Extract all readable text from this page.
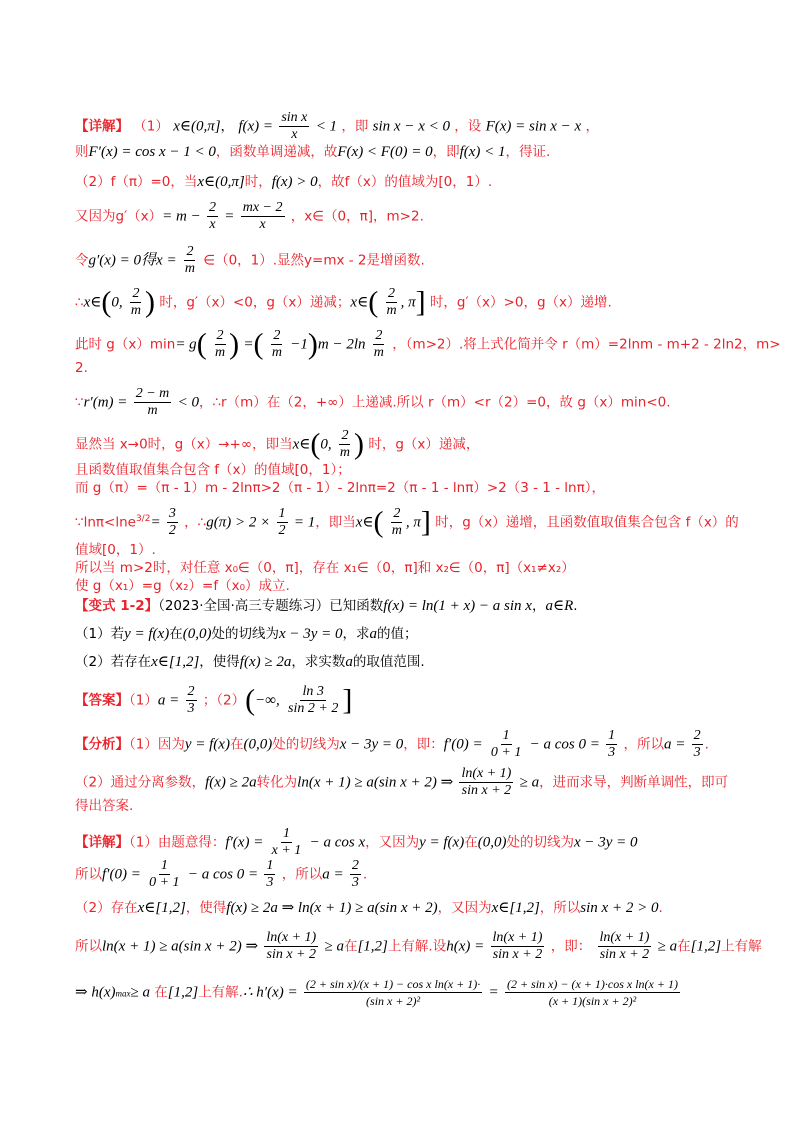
【详解】 （1） x∈(0,π]， $f(x) = \frac{\text{sin x}}{x} < 1$ ，即 sin x − x < 0 ，设 F(x) = sin x − x ，
则F′(x) = cos x − 1 < 0，函数单调递减，故F(x) < F(0) = 0，即f(x) < 1，得证.
（2）f（π）=0，当x∈(0,π]时，f(x) > 0，故f（x）的值域为[0，1）.
又因为$g'(x)= m - \frac{2}{x} = \frac{mx - 2}{x}$ ，x∈（0，π]，m>2.
令g′(x) = 0得$x = \frac{2}{m}$ ∈（0，1）.显然y=mx - 2是增函数.
∴x∈(0, $\frac{2}{m}$ ) 时，g′（x）<0，g（x）递减；x∈( $\frac{2}{m}$ , π] 时，g′（x）>0，g（x）递增.
此时 $g(x)\min= g( \frac{2}{m}$ ) =( $\frac{2}{m} -1)m - 2\ln \frac{2}{m}$ ，（m>2）.将上式化简并令 r（m）=2lnm - m+2 - 2ln2，m>
2.
∵r′(m) = $\frac{2 - m}{m} < 0$，∴r（m）在（2，+∞）上递减.所以 r（m）<r（2）=0，故 g（x）min<0.
显然当 x→0时，g（x）→+∞，即当x∈(0, $\frac{2}{m}$ ) 时，g（x）递减，
且函数值取值集合包含 f（x）的值域[0，1）；
而 g（π）=（π - 1）m - 2lnπ>2（π - 1）- 2lnπ=2（π - 1 - lnπ）>2（3 - 1 - lnπ），
∵lnπ<lne$^{3/2}$= $\frac{3}{2}$ ，∴g(π) > $2 \times \frac{1}{2} = 1$，即当x∈( $\frac{2}{m}$ , π] 时，g（x）递增，且函数值取值集合包含 f（x）的
值域[0，1）.
所以当 m>2时，对任意 x₀∈（0，π]，存在 x₁∈（0，π]和 x₂∈（0，π]（x₁≠x₂）
使 g（x₁）=g（x₂）=f（x₀）成立.
【变式 1-2】（2023·全国·高三专题练习）已知函数f(x) = ln(1 + x) − a sin x，a∈R.
（1）若y = f(x)在(0,0)处的切线为x − 3y = 0，求a的值；
（2）若存在x∈[1,2]，使得f(x) ≥ 2a，求实数a的取值范围.
【答案】$(1)a = \frac{2}{3}$ ；（2）(−∞, $\frac{\ln 3}{\sin 2 + 2}$ ]
【分析】（1）因为y = f(x)在(0,0)处的切线为x − 3y = 0，即：$f'(0) = \frac{1}{0 + 1} - a$ $\cos 0 = \frac{1}{3}$ ，所以$a = \frac{2}{3}$ .
（2）通过分离参数，f(x) ≥ 2a转化为ln(x + 1) ≥ a(sin x + 2) ⇒ $\frac{\ln(x + 1)}{\text{sin x + 2}} \ge a$，进而求导，判断单调性，即可
得出答案.
【详解】（1）由题意得：$f'(x) = \frac{1}{x + 1} - a$ cos x，又因为y = f(x)在(0,0)处的切线为x − 3y = 0
所以$f'(0) = \frac{1}{0 + 1} - a$ $\cos 0 = \frac{1}{3}$ ，所以$a = \frac{2}{3}$ .
（2）存在x∈[1,2]，使得f(x) ≥ 2a ⇒ ln(x + 1) ≥ a(sin x + 2)，又因为x∈[1,2]，所以sin x + 2 > 0.
所以ln(x + 1) ≥ a(sin x + 2) ⇒ $\frac{\ln(x + 1)}{\text{sin x + 2}} \ge a$在[1,2]上有解.设$h(x) = \frac{\ln(x + 1)}{\text{sin x + 2}}$ ，即： $\frac{\ln(x + 1)}{\text{sin x + 2}} \ge a$在[1,2]上有解
⇒ h(x)max≥ a 在[1,2]上有解.∴ $h'(x) = \frac{\text{(2 + sin x)/(x + 1) − cos x ln(x + 1)·}}{\text{(sin x + 2)²}} = \frac{\text{(2 + sin x) − (x + 1)·cos x ln(x + 1)}}{\text{(x + 1)(sin x + 2)²}}$
